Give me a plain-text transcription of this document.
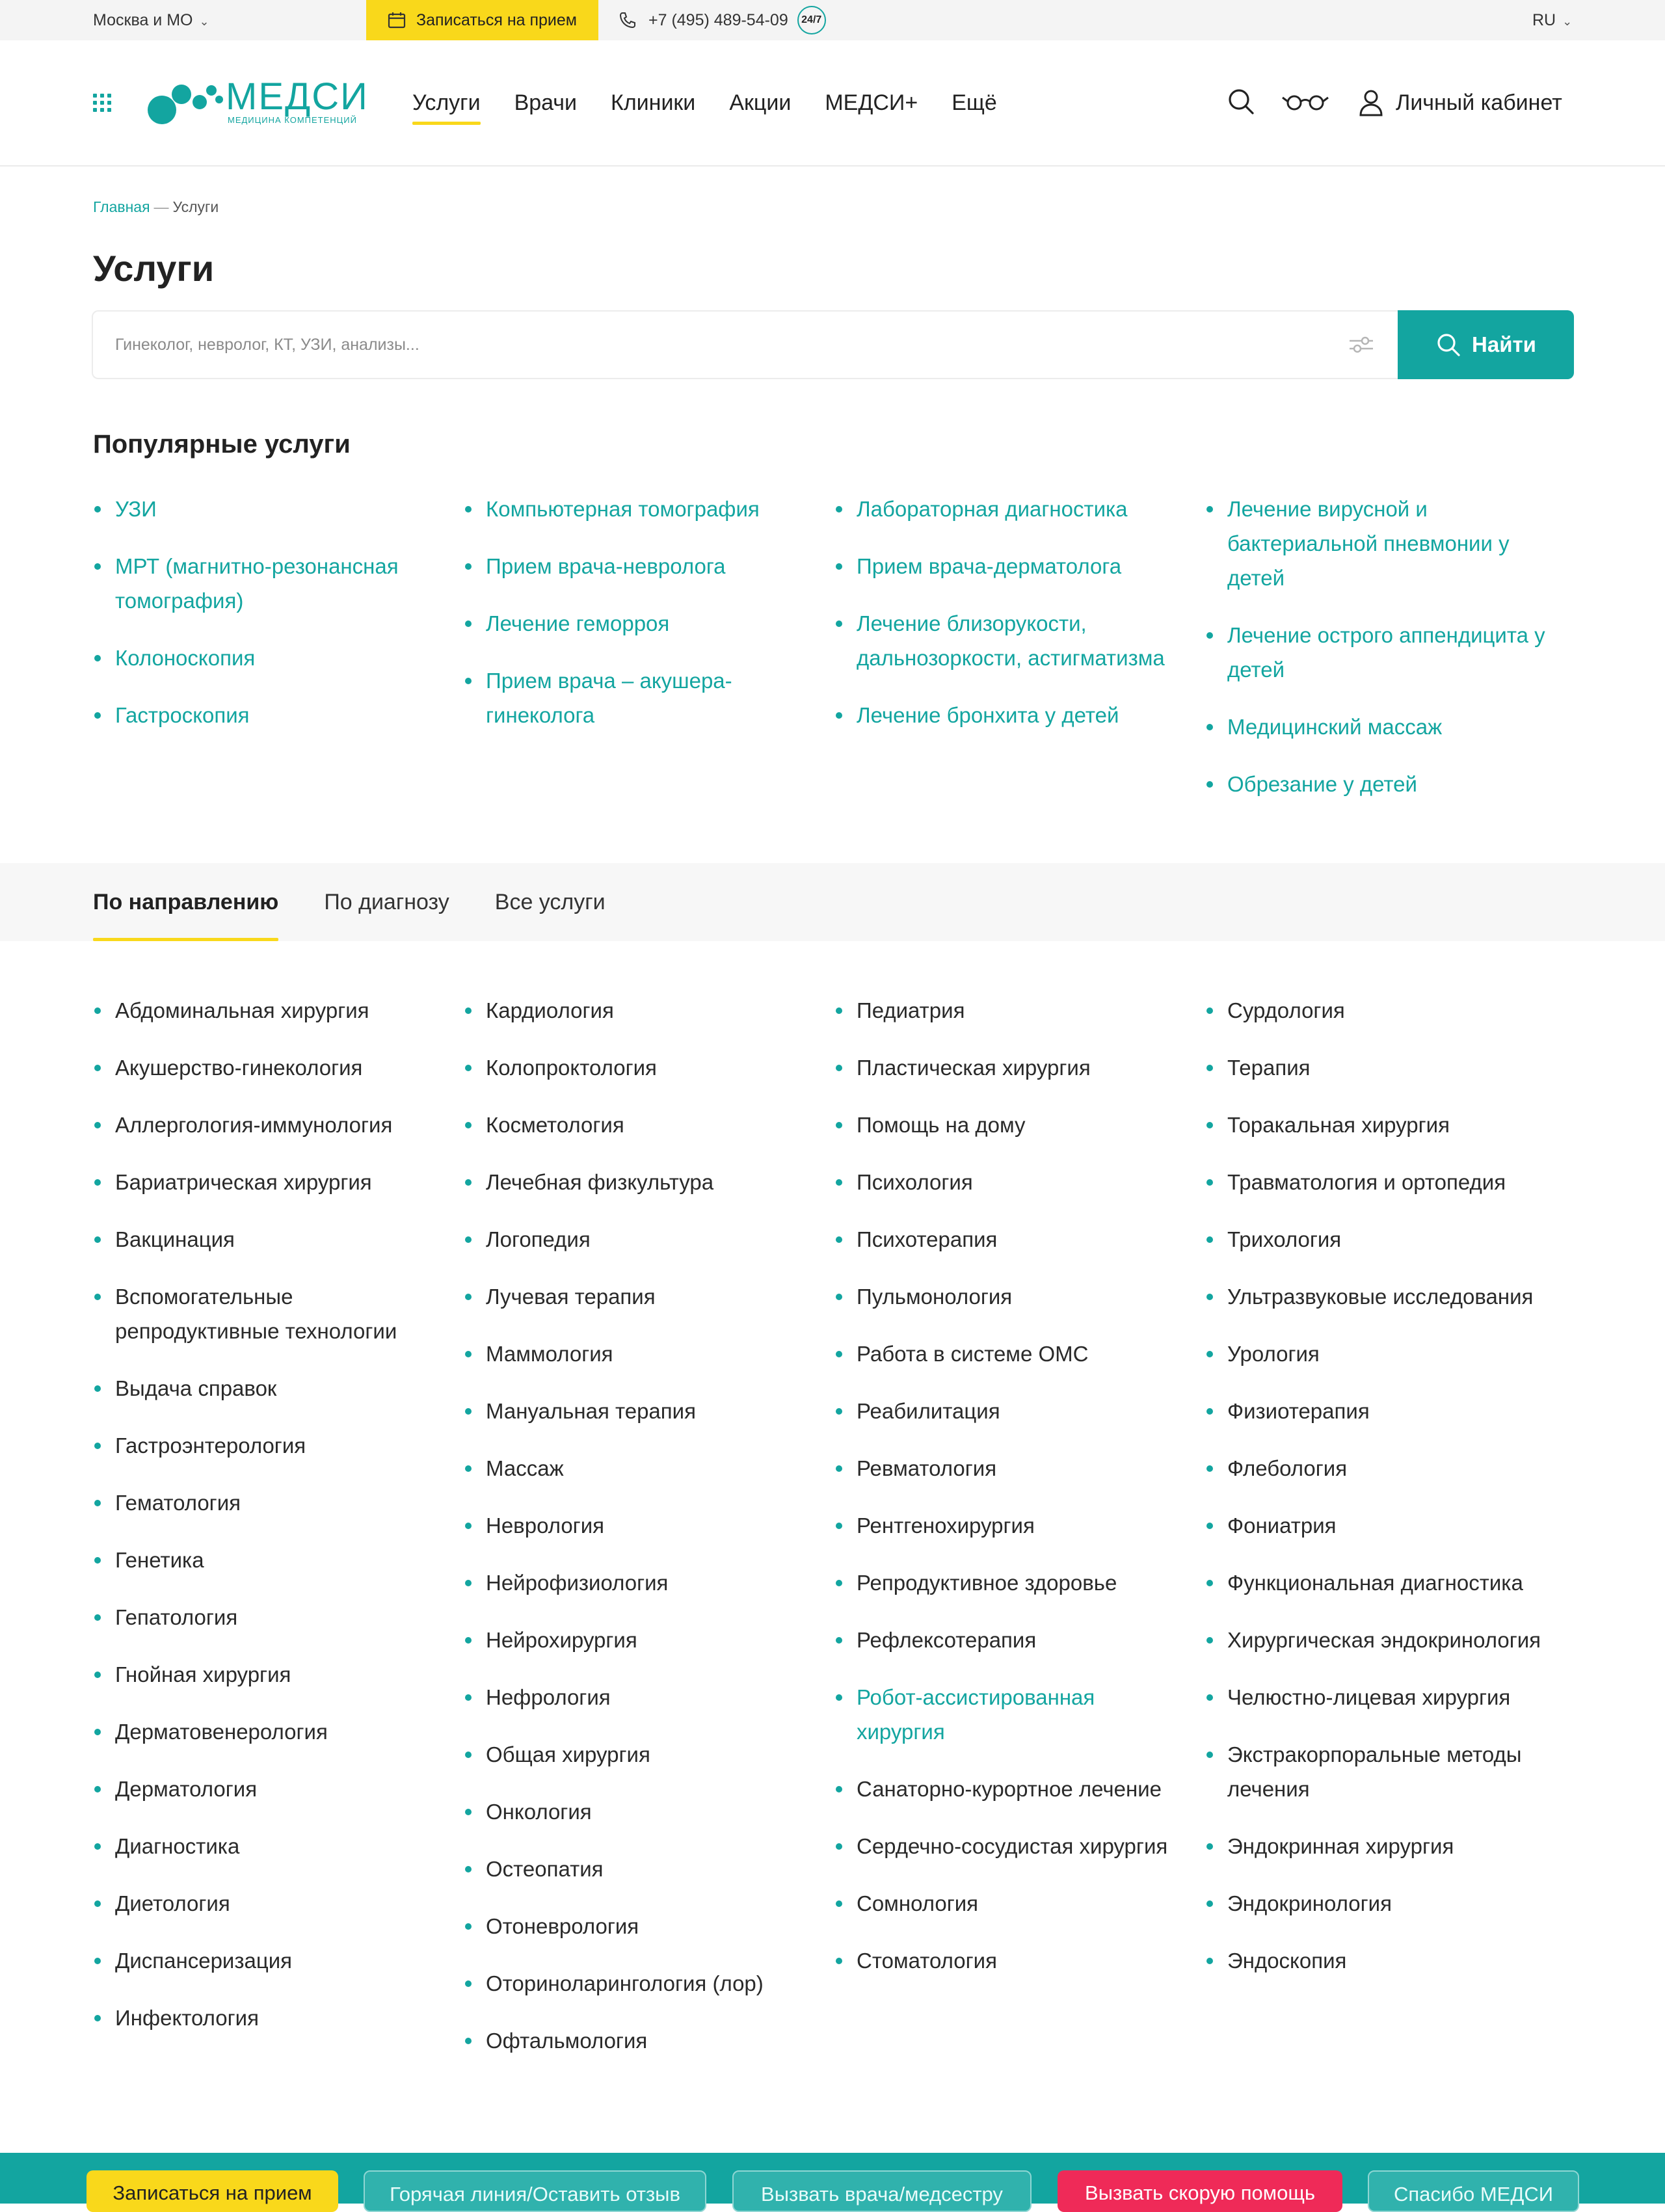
Москва и МО ⌄	Записаться на прием	+7 (495) 489-54-09	24/7	RU ⌄
МЕДСИ
МЕДИЦИНА КОМПЕТЕНЦИЙ
Услуги Врачи Клиники Акции МЕДСИ+ Ещё	Личный кабинет
Главная — Услуги
Услуги
Гинеколог, невролог, КТ, УЗИ, анализы...
Найти
Популярные услуги
УЗИ
МРТ (магнитно-резонансная томография)
Колоноскопия
Гастроскопия
Компьютерная томография
Прием врача-невролога
Лечение геморроя
Прием врача – акушера-гинеколога
Лабораторная диагностика
Прием врача-дерматолога
Лечение близорукости, дальнозоркости, астигматизма
Лечение бронхита у детей
Лечение вирусной и бактериальной пневмонии у детей
Лечение острого аппендицита у детей
Медицинский массаж
Обрезание у детей
По направлению По диагнозу Все услуги
Абдоминальная хирургия
Акушерство-гинекология
Аллергология-иммунология
Бариатрическая хирургия
Вакцинация
Вспомогательные репродуктивные технологии
Выдача справок
Гастроэнтерология
Гематология
Генетика
Гепатология
Гнойная хирургия
Дерматовенерология
Дерматология
Диагностика
Диетология
Диспансеризация
Инфектология
Кардиология
Колопроктология
Косметология
Лечебная физкультура
Логопедия
Лучевая терапия
Маммология
Мануальная терапия
Массаж
Неврология
Нейрофизиология
Нейрохирургия
Нефрология
Общая хирургия
Онкология
Остеопатия
Отоневрология
Оториноларингология (лор)
Офтальмология
Педиатрия
Пластическая хирургия
Помощь на дому
Психология
Психотерапия
Пульмонология
Работа в системе ОМС
Реабилитация
Ревматология
Рентгенохирургия
Репродуктивное здоровье
Рефлексотерапия
Робот-ассистированная хирургия
Санаторно-курортное лечение
Сердечно-сосудистая хирургия
Сомнология
Стоматология
Сурдология
Терапия
Торакальная хирургия
Травматология и ортопедия
Трихология
Ультразвуковые исследования
Урология
Физиотерапия
Флебология
Фониатрия
Функциональная диагностика
Хирургическая эндокринология
Челюстно-лицевая хирургия
Экстракорпоральные методы лечения
Эндокринная хирургия
Эндокринология
Эндоскопия
Записаться на прием	Горячая линия/Оставить отзыв	Вызвать врача/медсестру	Вызвать скорую помощь	Спасибо МЕДСИ
